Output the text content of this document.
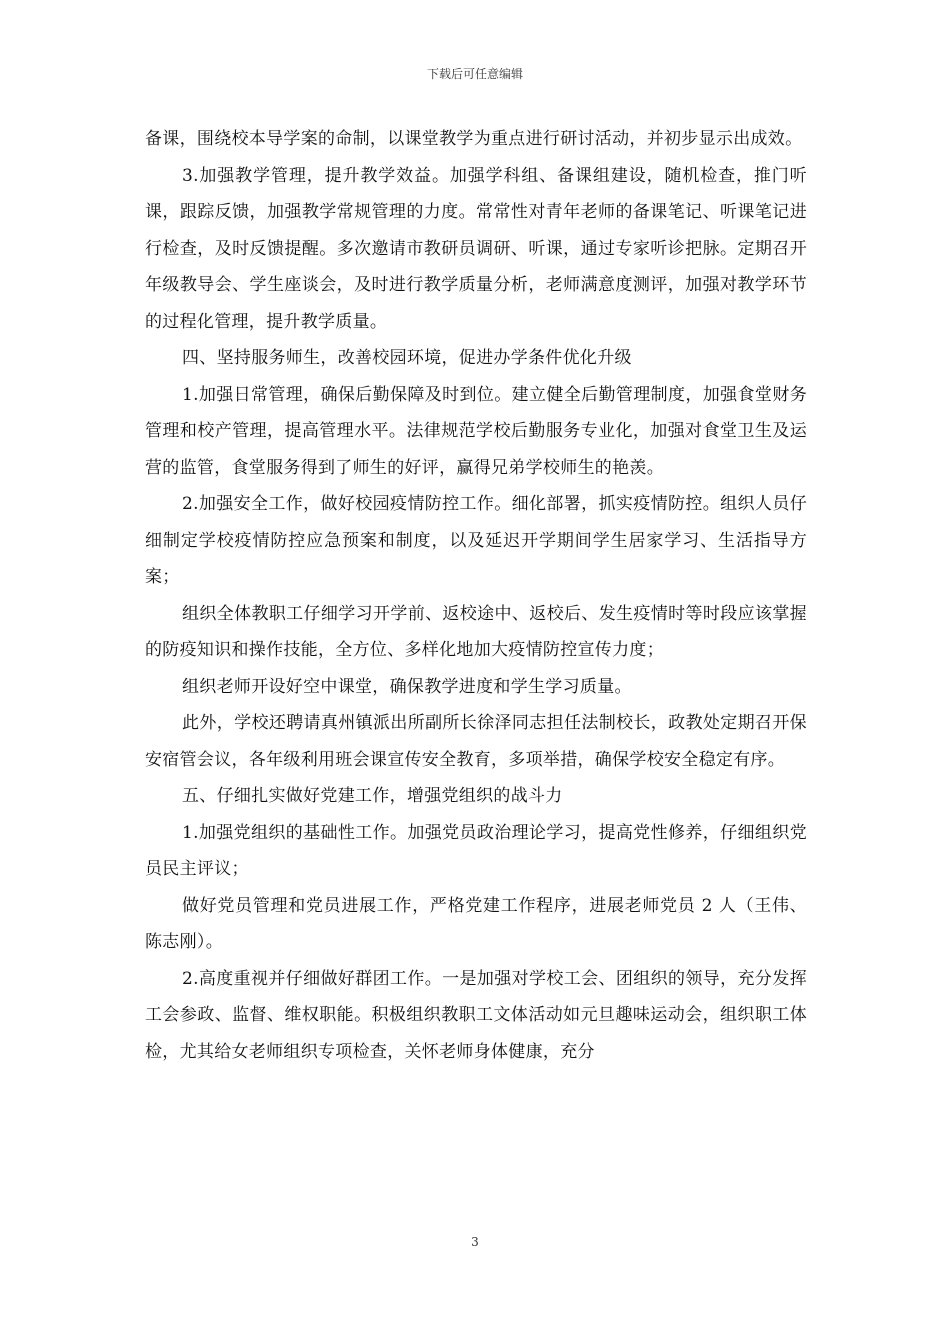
下载后可任意编辑

备课，围绕校本导学案的命制，以课堂教学为重点进行研讨活动，并初步显示出成效。

3.加强教学管理，提升教学效益。加强学科组、备课组建设，随机检查，推门听课，跟踪反馈，加强教学常规管理的力度。常常性对青年老师的备课笔记、听课笔记进行检查，及时反馈提醒。多次邀请市教研员调研、听课，通过专家听诊把脉。定期召开年级教导会、学生座谈会，及时进行教学质量分析，老师满意度测评，加强对教学环节的过程化管理，提升教学质量。

四、坚持服务师生，改善校园环境，促进办学条件优化升级

1.加强日常管理，确保后勤保障及时到位。建立健全后勤管理制度，加强食堂财务管理和校产管理，提高管理水平。法律规范学校后勤服务专业化，加强对食堂卫生及运营的监管，食堂服务得到了师生的好评，赢得兄弟学校师生的艳羡。

2.加强安全工作，做好校园疫情防控工作。细化部署，抓实疫情防控。组织人员仔细制定学校疫情防控应急预案和制度，以及延迟开学期间学生居家学习、生活指导方案；

组织全体教职工仔细学习开学前、返校途中、返校后、发生疫情时等时段应该掌握的防疫知识和操作技能，全方位、多样化地加大疫情防控宣传力度；

组织老师开设好空中课堂，确保教学进度和学生学习质量。

此外，学校还聘请真州镇派出所副所长徐泽同志担任法制校长，政教处定期召开保安宿管会议，各年级利用班会课宣传安全教育，多项举措，确保学校安全稳定有序。

五、仔细扎实做好党建工作，增强党组织的战斗力

1.加强党组织的基础性工作。加强党员政治理论学习，提高党性修养，仔细组织党员民主评议；

做好党员管理和党员进展工作，严格党建工作程序，进展老师党员 2 人（王伟、陈志刚）。

2.高度重视并仔细做好群团工作。一是加强对学校工会、团组织的领导，充分发挥工会参政、监督、维权职能。积极组织教职工文体活动如元旦趣味运动会，组织职工体检，尤其给女老师组织专项检查，关怀老师身体健康，充分

3
